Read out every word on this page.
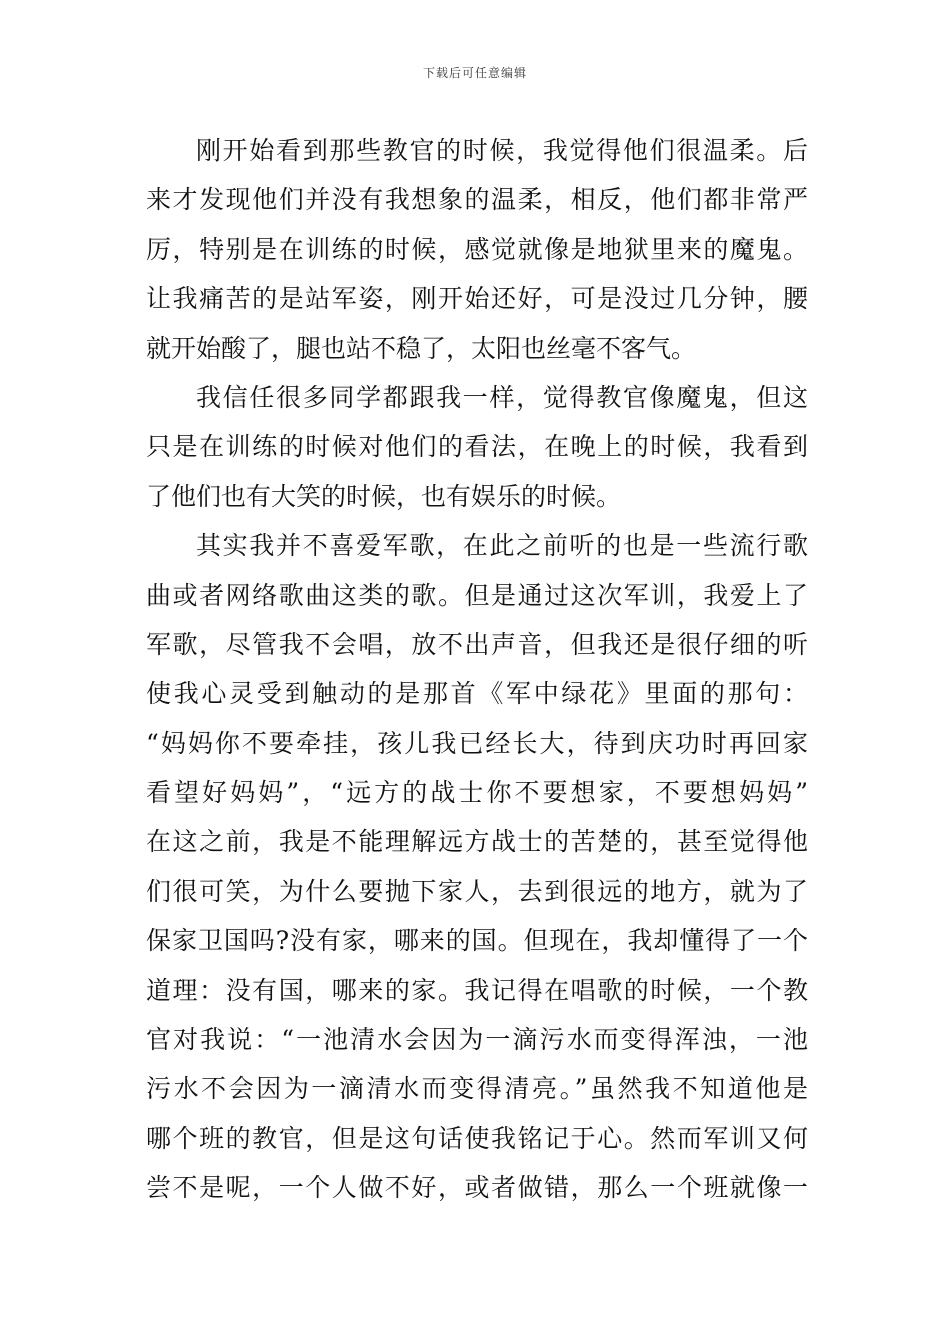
下载后可任意编辑
刚开始看到那些教官的时候，我觉得他们很温柔。后
来才发现他们并没有我想象的温柔，相反，他们都非常严
厉，特别是在训练的时候，感觉就像是地狱里来的魔鬼。
让我痛苦的是站军姿，刚开始还好，可是没过几分钟，腰
就开始酸了，腿也站不稳了，太阳也丝毫不客气。
我信任很多同学都跟我一样，觉得教官像魔鬼，但这
只是在训练的时候对他们的看法，在晚上的时候，我看到
了他们也有大笑的时候，也有娱乐的时候。
其实我并不喜爱军歌，在此之前听的也是一些流行歌
曲或者网络歌曲这类的歌。但是通过这次军训，我爱上了
军歌，尽管我不会唱，放不出声音，但我还是很仔细的听
使我心灵受到触动的是那首《军中绿花》里面的那句：
“妈妈你不要牵挂，孩儿我已经长大，待到庆功时再回家
看望好妈妈”，“远方的战士你不要想家，不要想妈妈”
在这之前，我是不能理解远方战士的苦楚的，甚至觉得他
们很可笑，为什么要抛下家人，去到很远的地方，就为了
保家卫国吗?没有家，哪来的国。但现在，我却懂得了一个
道理：没有国，哪来的家。我记得在唱歌的时候，一个教
官对我说：“一池清水会因为一滴污水而变得浑浊，一池
污水不会因为一滴清水而变得清亮。”虽然我不知道他是
哪个班的教官，但是这句话使我铭记于心。然而军训又何
尝不是呢，一个人做不好，或者做错，那么一个班就像一
